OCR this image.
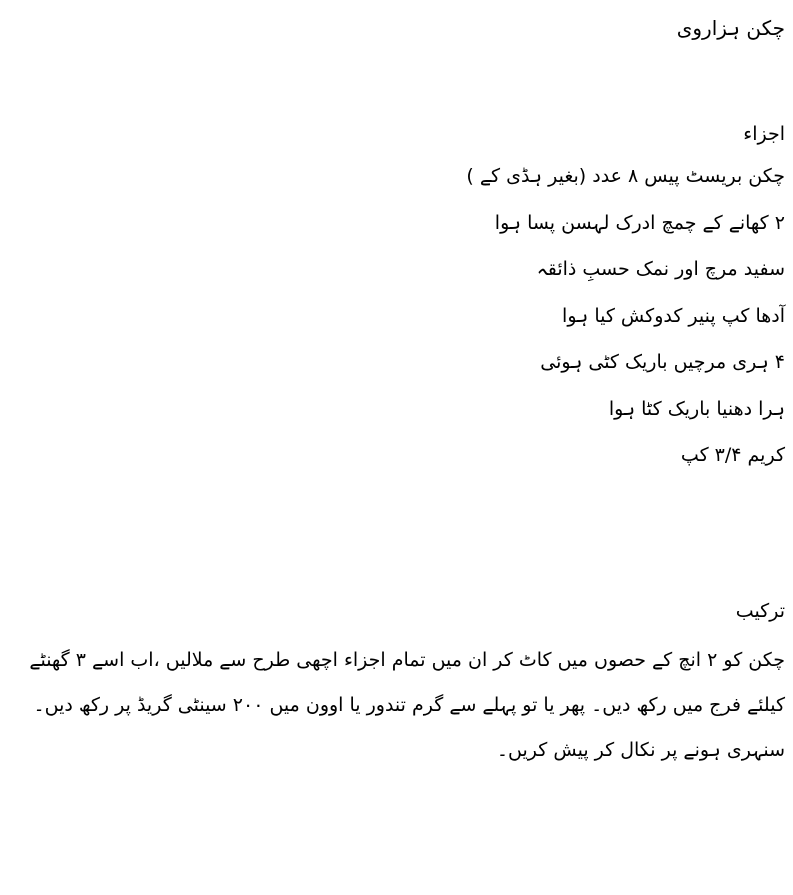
چکن ہزاروی
اجزاء
چکن بریسٹ پیس ۸ عدد (بغیر ہڈی کے )
۲ کھانے کے چمچ ادرک لہسن پسا ہوا
سفید مرچ اور نمک حسبِ ذائقہ
آدھا کپ پنیر کدوکش کیا ہوا
۴ ہری مرچیں باریک کٹی ہوئی
ہرا دھنیا باریک کٹا ہوا
کریم ۳/۴ کپ
ترکیب

چکن کو ۲ انچ کے حصوں میں کاٹ کر ان میں تمام اجزاء اچھی طرح سے ملالیں ،اب اسے ۳ گھنٹے کیلئے فرج میں رکھ دیں۔ پھر یا تو پہلے سے گرم تندور یا اوون میں ۲۰۰ سینٹی گریڈ پر رکھ دیں۔ سنہری ہونے پر نکال کر پیش کریں۔
